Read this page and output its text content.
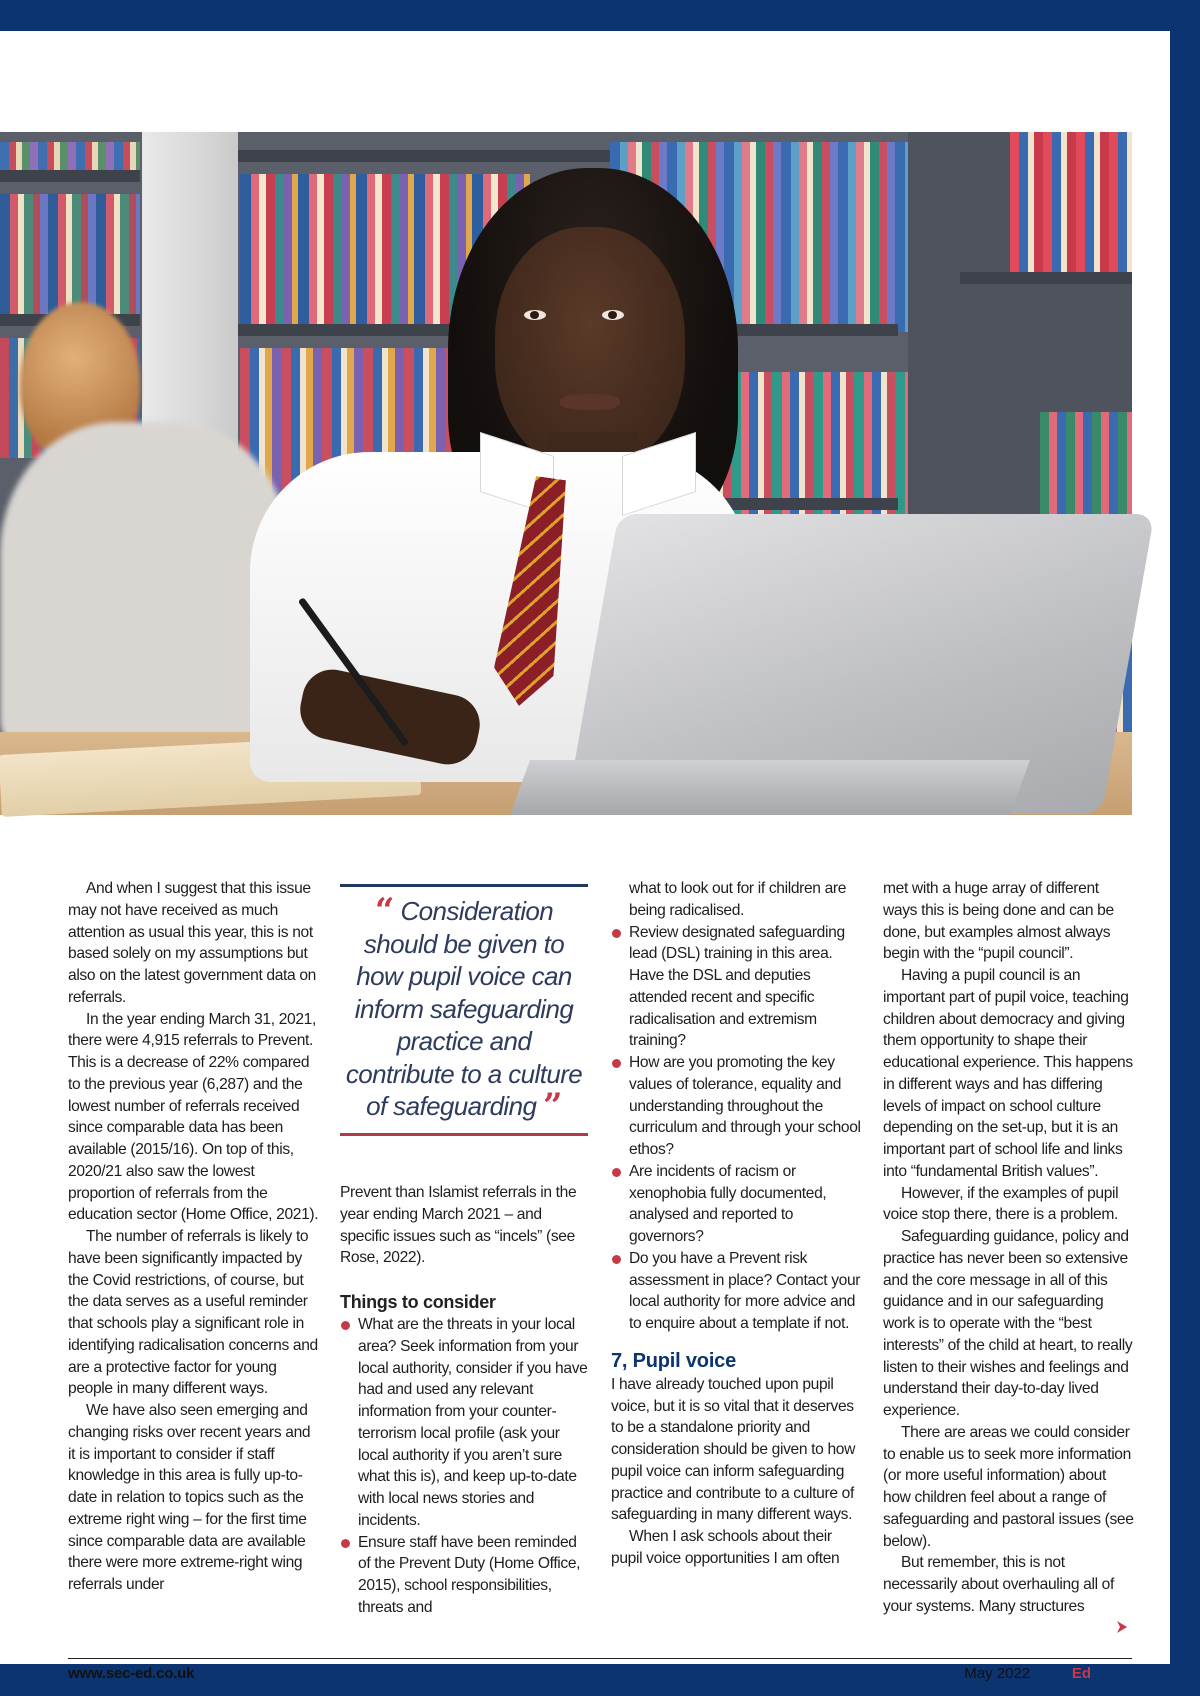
And when I suggest that this issue may not have received as much attention as usual this year, this is not based solely on my assumptions but also on the latest government data on referrals.

In the year ending March 31, 2021, there were 4,915 referrals to Prevent. This is a decrease of 22% compared to the previous year (6,287) and the lowest number of referrals received since comparable data has been available (2015/16). On top of this, 2020/21 also saw the lowest proportion of referrals from the education sector (Home Office, 2021).

The number of referrals is likely to have been significantly impacted by the Covid restrictions, of course, but the data serves as a useful reminder that schools play a significant role in identifying radicalisation concerns and are a protective factor for young people in many different ways.

We have also seen emerging and changing risks over recent years and it is important to consider if staff knowledge in this area is fully up-to-date in relation to topics such as the extreme right wing – for the first time since comparable data are available there were more extreme-right wing referrals under

“ Consideration should be given to how pupil voice can inform safeguarding practice and contribute to a culture of safeguarding ”

Prevent than Islamist referrals in the year ending March 2021 – and specific issues such as “incels” (see Rose, 2022).

Things to consider
What are the threats in your local area? Seek information from your local authority, consider if you have had and used any relevant information from your counter-terrorism local profile (ask your local authority if you aren’t sure what this is), and keep up-to-date with local news stories and incidents.
Ensure staff have been reminded of the Prevent Duty (Home Office, 2015), school responsibilities, threats and
what to look out for if children are being radicalised.
Review designated safeguarding lead (DSL) training in this area. Have the DSL and deputies attended recent and specific radicalisation and extremism training?
How are you promoting the key values of tolerance, equality and understanding throughout the curriculum and through your school ethos?
Are incidents of racism or xenophobia fully documented, analysed and reported to governors?
Do you have a Prevent risk assessment in place? Contact your local authority for more advice and to enquire about a template if not.
7, Pupil voice

I have already touched upon pupil voice, but it is so vital that it deserves to be a standalone priority and consideration should be given to how pupil voice can inform safeguarding practice and contribute to a culture of safeguarding in many different ways.

When I ask schools about their pupil voice opportunities I am often

met with a huge array of different ways this is being done and can be done, but examples almost always begin with the “pupil council”.

Having a pupil council is an important part of pupil voice, teaching children about democracy and giving them opportunity to shape their educational experience. This happens in different ways and has differing levels of impact on school culture depending on the set-up, but it is an important part of school life and links into “fundamental British values”.

However, if the examples of pupil voice stop there, there is a problem.

Safeguarding guidance, policy and practice has never been so extensive and the core message in all of this guidance and in our safeguarding work is to operate with the “best interests” of the child at heart, to really listen to their wishes and feelings and understand their day-to-day lived experience.

There are areas we could consider to enable us to seek more information (or more useful information) about how children feel about a range of safeguarding and pastoral issues (see below).

But remember, this is not necessarily about overhauling all of your systems. Many structures

www.sec-ed.co.uk	May 2022 SecEd
